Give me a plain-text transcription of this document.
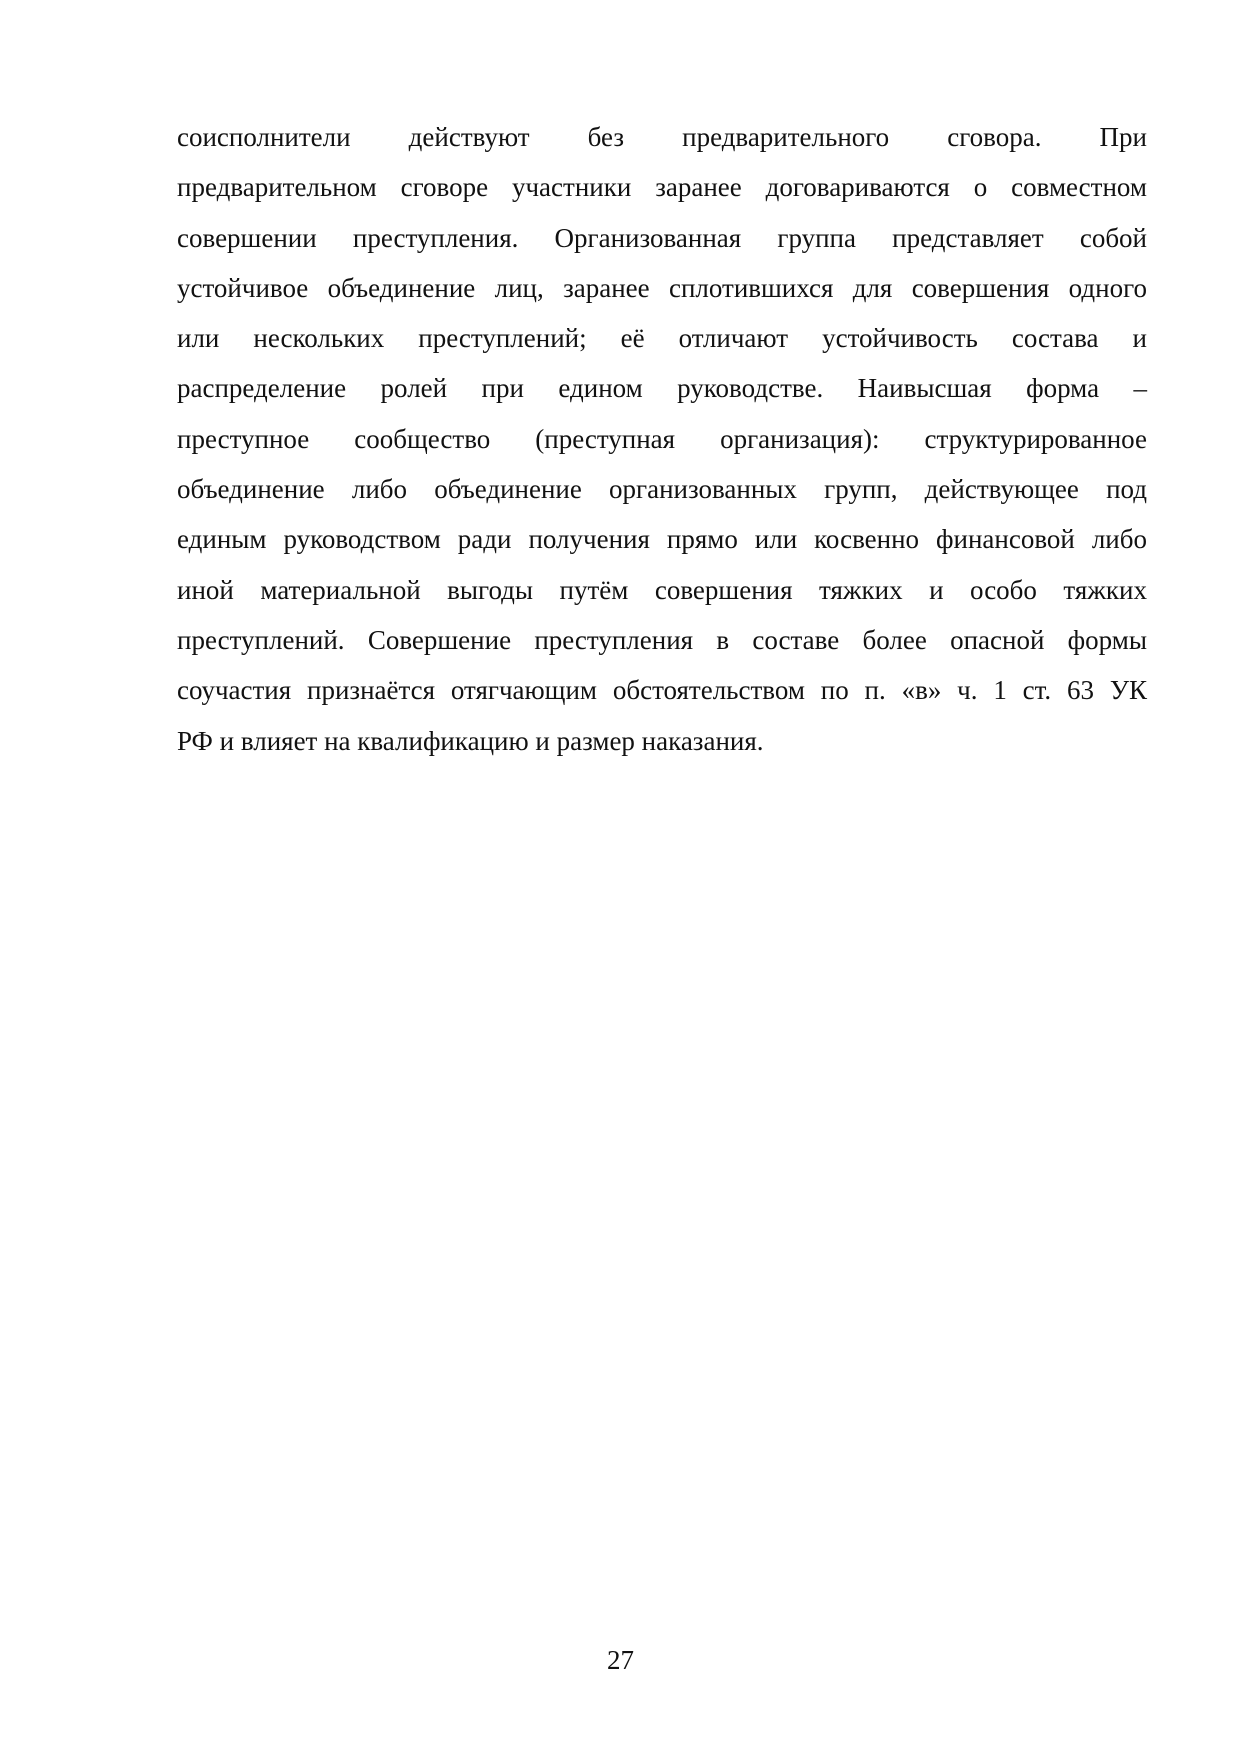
соисполнители действуют без предварительного сговора. При
предварительном сговоре участники заранее договариваются о совместном
совершении преступления. Организованная группа представляет собой
устойчивое объединение лиц, заранее сплотившихся для совершения одного
или нескольких преступлений; её отличают устойчивость состава и
распределение ролей при едином руководстве. Наивысшая форма –
преступное сообщество (преступная организация): структурированное
объединение либо объединение организованных групп, действующее под
единым руководством ради получения прямо или косвенно финансовой либо
иной материальной выгоды путём совершения тяжких и особо тяжких
преступлений. Совершение преступления в составе более опасной формы
соучастия признаётся отягчающим обстоятельством по п. «в» ч. 1 ст. 63 УК
РФ и влияет на квалификацию и размер наказания.
27
